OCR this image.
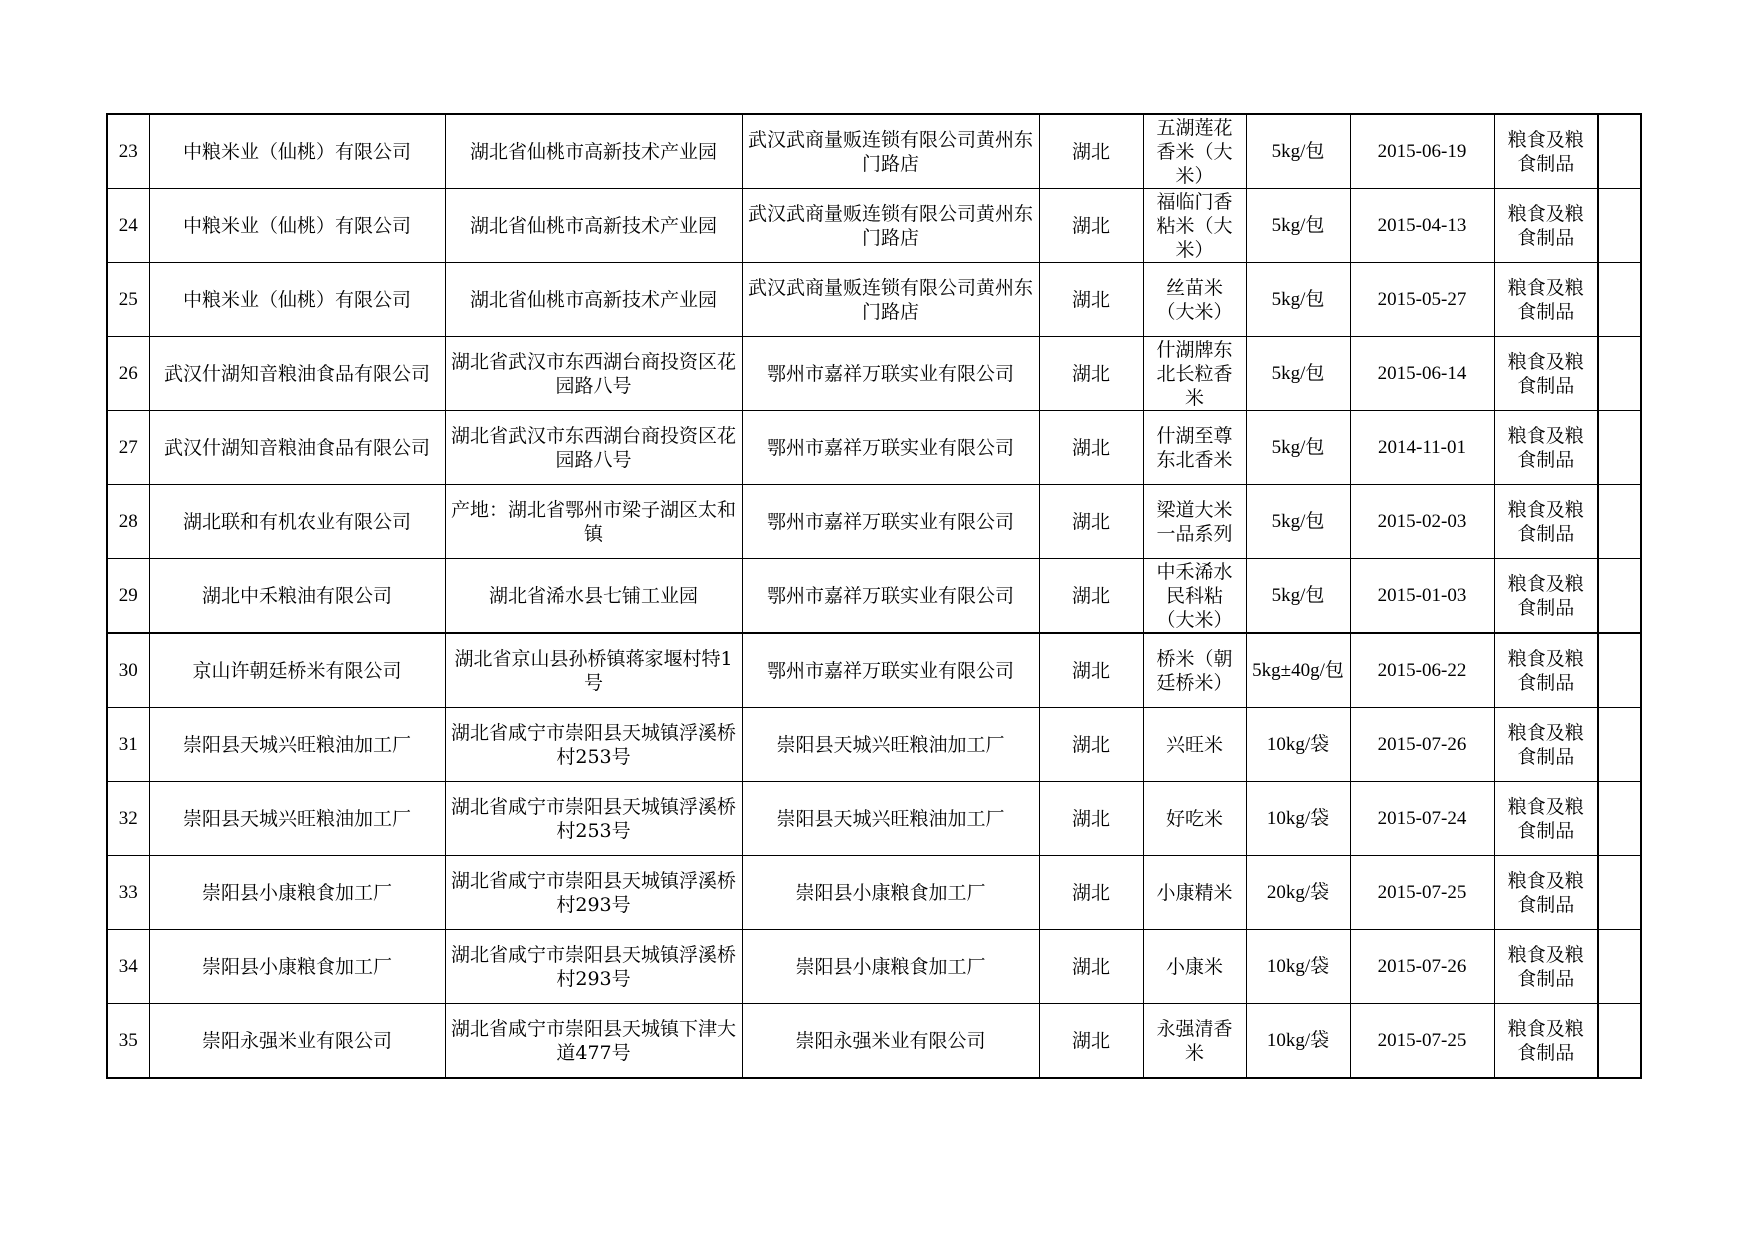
23	中粮米业（仙桃）有限公司	湖北省仙桃市高新技术产业园	武汉武商量贩连锁有限公司黄州东门路店	湖北	五湖莲花香米（大米）	5kg/包	2015-06-19	粮食及粮食制品	
24	中粮米业（仙桃）有限公司	湖北省仙桃市高新技术产业园	武汉武商量贩连锁有限公司黄州东门路店	湖北	福临门香粘米（大米）	5kg/包	2015-04-13	粮食及粮食制品	
25	中粮米业（仙桃）有限公司	湖北省仙桃市高新技术产业园	武汉武商量贩连锁有限公司黄州东门路店	湖北	丝苗米（大米）	5kg/包	2015-05-27	粮食及粮食制品	
26	武汉什湖知音粮油食品有限公司	湖北省武汉市东西湖台商投资区花园路八号	鄂州市嘉祥万联实业有限公司	湖北	什湖牌东北长粒香米	5kg/包	2015-06-14	粮食及粮食制品	
27	武汉什湖知音粮油食品有限公司	湖北省武汉市东西湖台商投资区花园路八号	鄂州市嘉祥万联实业有限公司	湖北	什湖至尊东北香米	5kg/包	2014-11-01	粮食及粮食制品	
28	湖北联和有机农业有限公司	产地：湖北省鄂州市梁子湖区太和镇	鄂州市嘉祥万联实业有限公司	湖北	梁道大米一品系列	5kg/包	2015-02-03	粮食及粮食制品	
29	湖北中禾粮油有限公司	湖北省浠水县七铺工业园	鄂州市嘉祥万联实业有限公司	湖北	中禾浠水民科粘（大米）	5kg/包	2015-01-03	粮食及粮食制品	
30	京山许朝廷桥米有限公司	湖北省京山县孙桥镇蒋家堰村特1号	鄂州市嘉祥万联实业有限公司	湖北	桥米（朝廷桥米）	5kg±40g/包	2015-06-22	粮食及粮食制品	
31	崇阳县天城兴旺粮油加工厂	湖北省咸宁市崇阳县天城镇浮溪桥村253号	崇阳县天城兴旺粮油加工厂	湖北	兴旺米	10kg/袋	2015-07-26	粮食及粮食制品	
32	崇阳县天城兴旺粮油加工厂	湖北省咸宁市崇阳县天城镇浮溪桥村253号	崇阳县天城兴旺粮油加工厂	湖北	好吃米	10kg/袋	2015-07-24	粮食及粮食制品	
33	崇阳县小康粮食加工厂	湖北省咸宁市崇阳县天城镇浮溪桥村293号	崇阳县小康粮食加工厂	湖北	小康精米	20kg/袋	2015-07-25	粮食及粮食制品	
34	崇阳县小康粮食加工厂	湖北省咸宁市崇阳县天城镇浮溪桥村293号	崇阳县小康粮食加工厂	湖北	小康米	10kg/袋	2015-07-26	粮食及粮食制品	
35	崇阳永强米业有限公司	湖北省咸宁市崇阳县天城镇下津大道477号	崇阳永强米业有限公司	湖北	永强清香米	10kg/袋	2015-07-25	粮食及粮食制品	
